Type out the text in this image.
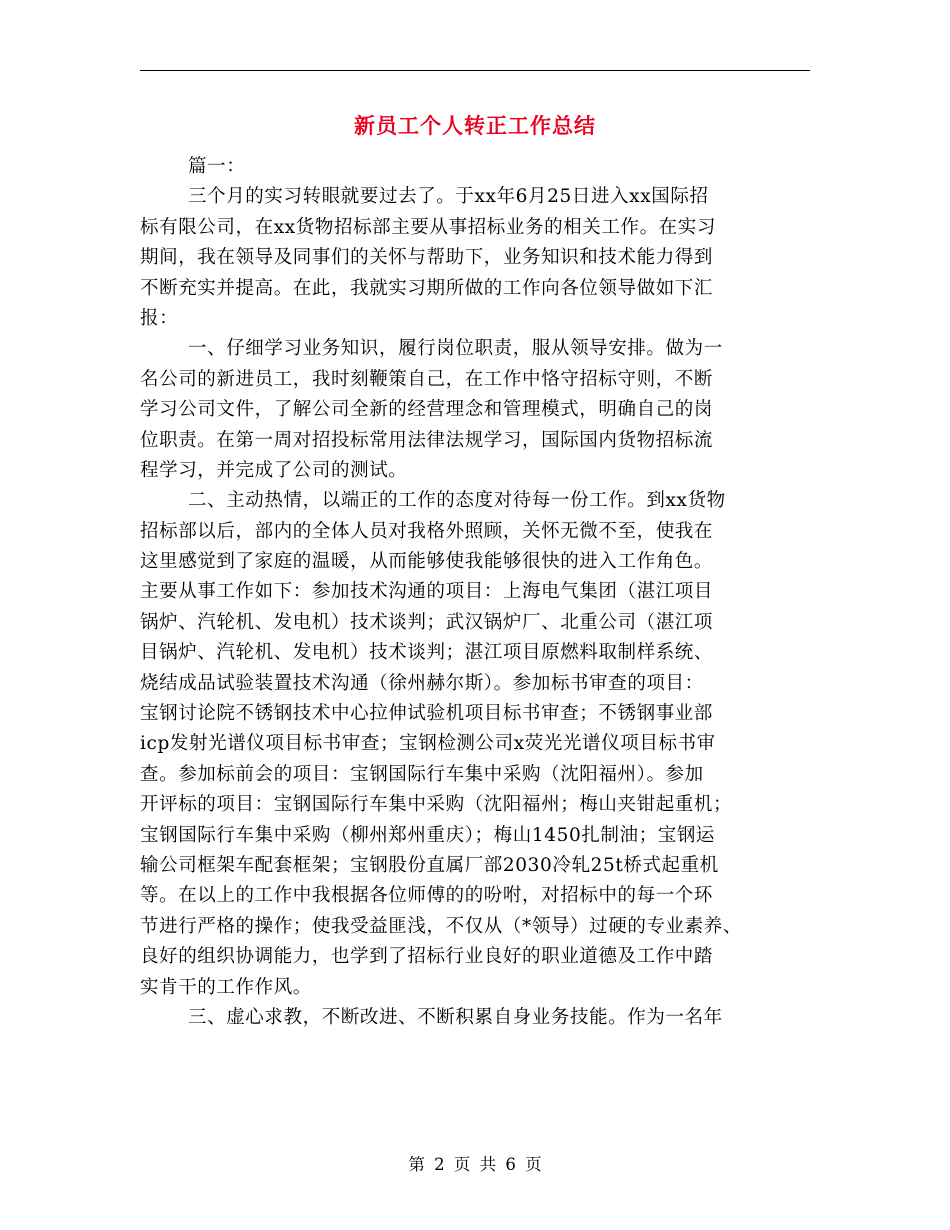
新员工个人转正工作总结
篇一：
三个月的实习转眼就要过去了。于xx年6月25日进入xx国际招
标有限公司，在xx货物招标部主要从事招标业务的相关工作。在实习
期间，我在领导及同事们的关怀与帮助下，业务知识和技术能力得到
不断充实并提高。在此，我就实习期所做的工作向各位领导做如下汇
报：
一、仔细学习业务知识，履行岗位职责，服从领导安排。做为一
名公司的新进员工，我时刻鞭策自己，在工作中恪守招标守则，不断
学习公司文件，了解公司全新的经营理念和管理模式，明确自己的岗
位职责。在第一周对招投标常用法律法规学习，国际国内货物招标流
程学习，并完成了公司的测试。
二、主动热情，以端正的工作的态度对待每一份工作。到xx货物
招标部以后，部内的全体人员对我格外照顾，关怀无微不至，使我在
这里感觉到了家庭的温暖，从而能够使我能够很快的进入工作角色。
主要从事工作如下：参加技术沟通的项目：上海电气集团（湛江项目
锅炉、汽轮机、发电机）技术谈判；武汉锅炉厂、北重公司（湛江项
目锅炉、汽轮机、发电机）技术谈判；湛江项目原燃料取制样系统、
烧结成品试验装置技术沟通（徐州赫尔斯）。参加标书审查的项目：
宝钢讨论院不锈钢技术中心拉伸试验机项目标书审查；不锈钢事业部
icp发射光谱仪项目标书审查；宝钢检测公司x荧光光谱仪项目标书审
查。参加标前会的项目：宝钢国际行车集中采购（沈阳福州）。参加
开评标的项目：宝钢国际行车集中采购（沈阳福州；梅山夹钳起重机；
宝钢国际行车集中采购（柳州郑州重庆）；梅山1450扎制油；宝钢运
输公司框架车配套框架；宝钢股份直属厂部2030冷轧25t桥式起重机
等。在以上的工作中我根据各位师傅的的吩咐，对招标中的每一个环
节进行严格的操作；使我受益匪浅，不仅从（*领导）过硬的专业素养、
良好的组织协调能力，也学到了招标行业良好的职业道德及工作中踏
实肯干的工作作风。
三、虚心求教，不断改进、不断积累自身业务技能。作为一名年
第 2 页 共 6 页
